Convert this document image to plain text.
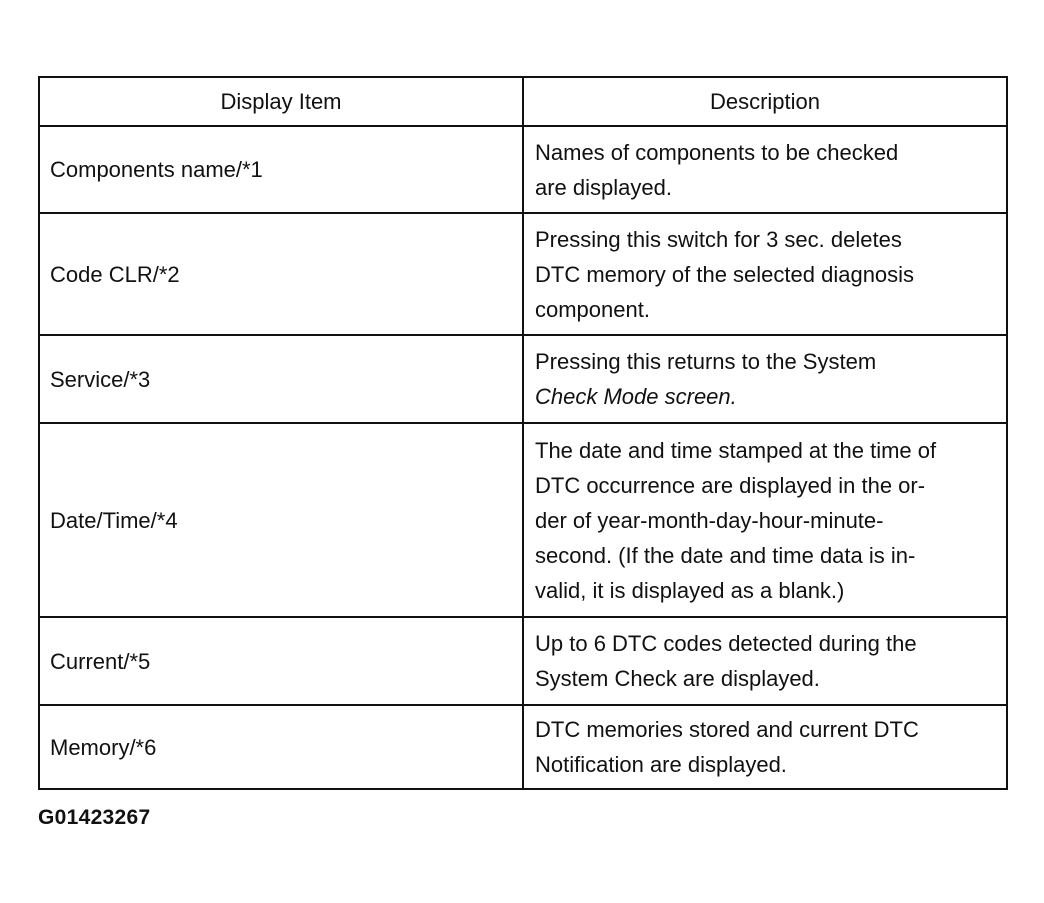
Display Item	Description
Components name/*1	Names of components to be checked
are displayed.

Code CLR/*2	Pressing this switch for 3 sec. deletes
DTC memory of the selected diagnosis
component.

Service/*3	Pressing this returns to the System
Check Mode screen.

Date/Time/*4	The date and time stamped at the time of
DTC occurrence are displayed in the or-
der of year-month-day-hour-minute-
second. (If the date and time data is in-
valid, it is displayed as a blank.)

Current/*5	Up to 6 DTC codes detected during the
System Check are displayed.

Memory/*6	DTC memories stored and current DTC
Notification are displayed.
G01423267
